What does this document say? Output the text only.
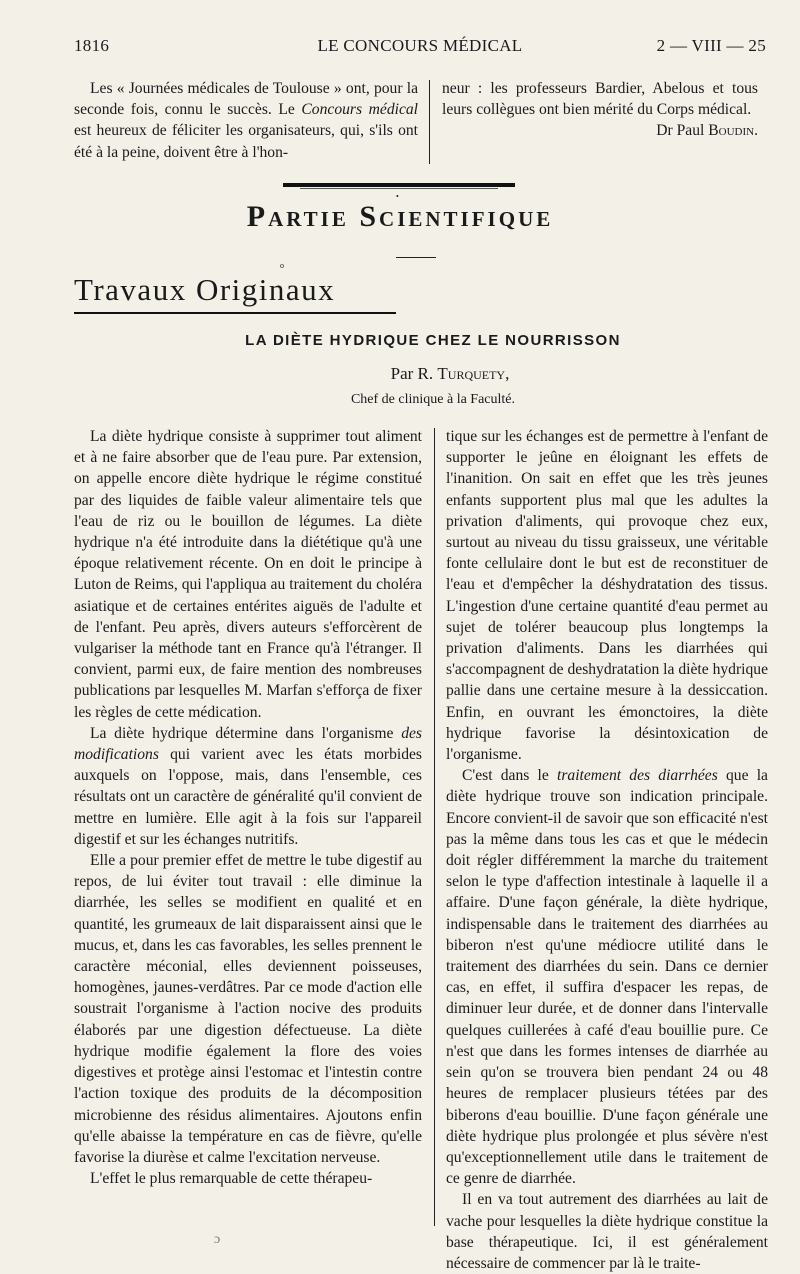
1816	LE CONCOURS MÉDICAL	2 — VIII — 25

Les « Journées médicales de Toulouse » ont, pour la seconde fois, connu le succès. Le Concours médical est heureux de féliciter les organisateurs, qui, s'ils ont été à la peine, doivent être à l'hon-

neur : les professeurs Bardier, Abelous et tous leurs collègues ont bien mérité du Corps médical.

Dr Paul Boudin.

•
Partie Scientifique
o
Travaux Originaux
LA DIÈTE HYDRIQUE CHEZ LE NOURRISSON
Par R. Turquety,
Chef de clinique à la Faculté.

La diète hydrique consiste à supprimer tout aliment et à ne faire absorber que de l'eau pure. Par extension, on appelle encore diète hydrique le régime constitué par des liquides de faible valeur alimentaire tels que l'eau de riz ou le bouillon de légumes. La diète hydrique n'a été introduite dans la diététique qu'à une époque relativement récente. On en doit le principe à Luton de Reims, qui l'appliqua au traitement du choléra asiatique et de certaines entérites aiguës de l'adulte et de l'enfant. Peu après, divers auteurs s'efforcèrent de vulgariser la méthode tant en France qu'à l'étranger. Il convient, parmi eux, de faire mention des nombreuses publications par lesquelles M. Marfan s'efforça de fixer les règles de cette médication.

La diète hydrique détermine dans l'organisme des modifications qui varient avec les états morbides auxquels on l'oppose, mais, dans l'ensemble, ces résultats ont un caractère de généralité qu'il convient de mettre en lumière. Elle agit à la fois sur l'appareil digestif et sur les échanges nutritifs.

Elle a pour premier effet de mettre le tube digestif au repos, de lui éviter tout travail : elle diminue la diarrhée, les selles se modifient en qualité et en quantité, les grumeaux de lait disparaissent ainsi que le mucus, et, dans les cas favorables, les selles prennent le caractère méconial, elles deviennent poisseuses, homogènes, jaunes-verdâtres. Par ce mode d'action elle soustrait l'organisme à l'action nocive des produits élaborés par une digestion défectueuse. La diète hydrique modifie également la flore des voies digestives et protège ainsi l'estomac et l'intestin contre l'action toxique des produits de la décomposition microbienne des résidus alimentaires. Ajoutons enfin qu'elle abaisse la température en cas de fièvre, qu'elle favorise la diurèse et calme l'excitation nerveuse.

L'effet le plus remarquable de cette thérapeu-

tique sur les échanges est de permettre à l'enfant de supporter le jeûne en éloignant les effets de l'inanition. On sait en effet que les très jeunes enfants supportent plus mal que les adultes la privation d'aliments, qui provoque chez eux, surtout au niveau du tissu graisseux, une véritable fonte cellulaire dont le but est de reconstituer de l'eau et d'empêcher la déshydratation des tissus. L'ingestion d'une certaine quantité d'eau permet au sujet de tolérer beaucoup plus longtemps la privation d'aliments. Dans les diarrhées qui s'accompagnent de deshydratation la diète hydrique pallie dans une certaine mesure à la dessiccation. Enfin, en ouvrant les émonctoires, la diète hydrique favorise la désintoxication de l'organisme.

C'est dans le traitement des diarrhées que la diète hydrique trouve son indication principale. Encore convient-il de savoir que son efficacité n'est pas la même dans tous les cas et que le médecin doit régler différemment la marche du traitement selon le type d'affection intestinale à laquelle il a affaire. D'une façon générale, la diète hydrique, indispensable dans le traitement des diarrhées au biberon n'est qu'une médiocre utilité dans le traitement des diarrhées du sein. Dans ce dernier cas, en effet, il suffira d'espacer les repas, de diminuer leur durée, et de donner dans l'intervalle quelques cuillerées à café d'eau bouillie pure. Ce n'est que dans les formes intenses de diarrhée au sein qu'on se trouvera bien pendant 24 ou 48 heures de remplacer plusieurs tétées par des biberons d'eau bouillie. D'une façon générale une diète hydrique plus prolongée et plus sévère n'est qu'exceptionnellement utile dans le traitement de ce genre de diarrhée.

Il en va tout autrement des diarrhées au lait de vache pour lesquelles la diète hydrique constitue la base thérapeutique. Ici, il est généralement nécessaire de commencer par là le traite-

ɔ
